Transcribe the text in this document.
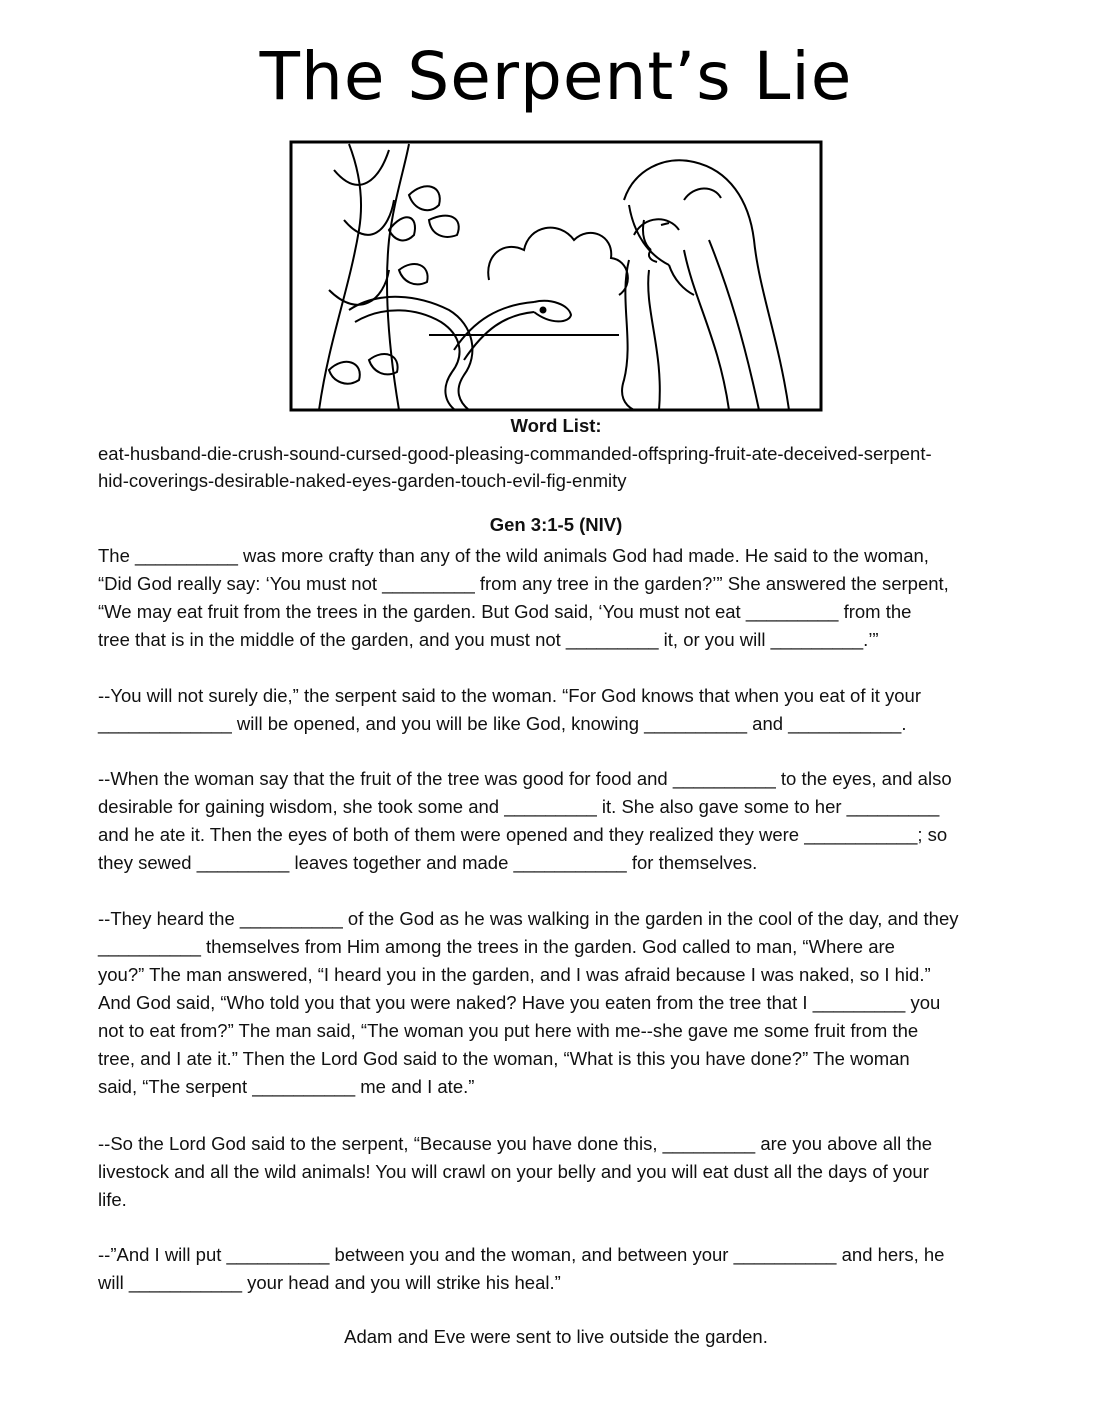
The Serpent’s Lie
Word List:
eat-husband-die-crush-sound-cursed-good-pleasing-commanded-offspring-fruit-ate-deceived-serpent-
hid-coverings-desirable-naked-eyes-garden-touch-evil-fig-enmity
Gen 3:1-5 (NIV)
The __________ was more crafty than any of the wild animals God had made. He said to the woman,
“Did God really say: ‘You must not _________ from any tree in the garden?’” She answered the serpent,
“We may eat fruit from the trees in the garden. But God said, ‘You must not eat _________ from the
tree that is in the middle of the garden, and you must not _________ it, or you will _________.’”
--You will not surely die,” the serpent said to the woman. “For God knows that when you eat of it your
_____________ will be opened, and you will be like God, knowing __________ and ___________.
--When the woman say that the fruit of the tree was good for food and __________ to the eyes, and also
desirable for gaining wisdom, she took some and _________ it. She also gave some to her _________
and he ate it. Then the eyes of both of them were opened and they realized they were ___________; so
they sewed _________ leaves together and made ___________ for themselves.
--They heard the __________ of the God as he was walking in the garden in the cool of the day, and they
__________ themselves from Him among the trees in the garden. God called to man, “Where are
you?” The man answered, “I heard you in the garden, and I was afraid because I was naked, so I hid.”
And God said, “Who told you that you were naked? Have you eaten from the tree that I _________ you
not to eat from?” The man said, “The woman you put here with me--she gave me some fruit from the
tree, and I ate it.” Then the Lord God said to the woman, “What is this you have done?” The woman
said, “The serpent __________ me and I ate.”
--So the Lord God said to the serpent, “Because you have done this, _________ are you above all the
livestock and all the wild animals! You will crawl on your belly and you will eat dust all the days of your
life.
--”And I will put __________ between you and the woman, and between your __________ and hers, he
will ___________ your head and you will strike his heal.”
Adam and Eve were sent to live outside the garden.
